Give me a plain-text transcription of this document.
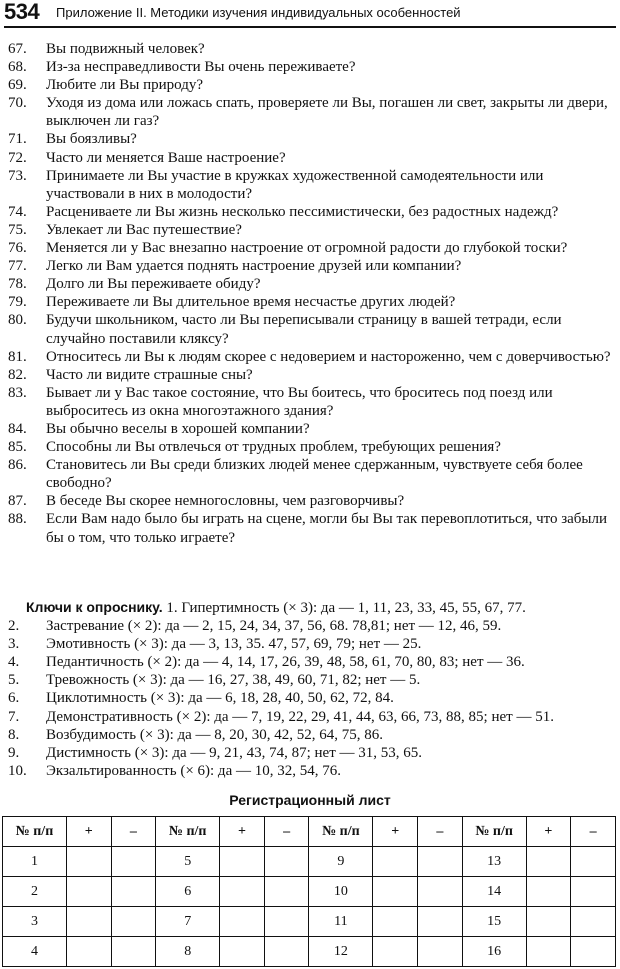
534 Приложение II. Методики изучения индивидуальных особенностей
67.	Вы подвижный человек?
68.	Из-за несправедливости Вы очень переживаете?
69.	Любите ли Вы природу?
70.	Уходя из дома или ложась спать, проверяете ли Вы, погашен ли свет, закрыты ли двери, выключен ли газ?
71.	Вы боязливы?
72.	Часто ли меняется Ваше настроение?
73.	Принимаете ли Вы участие в кружках художественной самодеятельности или участвовали в них в молодости?
74.	Расцениваете ли Вы жизнь несколько пессимистически, без радостных надежд?
75.	Увлекает ли Вас путешествие?
76.	Меняется ли у Вас внезапно настроение от огромной радости до глубокой тоски?
77.	Легко ли Вам удается поднять настроение друзей или компании?
78.	Долго ли Вы переживаете обиду?
79.	Переживаете ли Вы длительное время несчастье других людей?
80.	Будучи школьником, часто ли Вы переписывали страницу в вашей тетради, если случайно поставили кляксу?
81.	Относитесь ли Вы к людям скорее с недоверием и настороженно, чем с доверчивостью?
82.	Часто ли видите страшные сны?
83.	Бывает ли у Вас такое состояние, что Вы боитесь, что броситесь под поезд или выброситесь из окна многоэтажного здания?
84.	Вы обычно веселы в хорошей компании?
85.	Способны ли Вы отвлечься от трудных проблем, требующих решения?
86.	Становитесь ли Вы среди близких людей менее сдержанным, чувствуете себя более свободно?
87.	В беседе Вы скорее немногословны, чем разговорчивы?
88.	Если Вам надо было бы играть на сцене, могли бы Вы так перевоплотиться, что забыли бы о том, что только играете?
Ключи к опроснику. 1. Гипертимность (× 3): да — 1, 11, 23, 33, 45, 55, 67, 77.
2.	Застревание (× 2): да — 2, 15, 24, 34, 37, 56, 68. 78,81; нет — 12, 46, 59.
3.	Эмотивность (× 3): да — 3, 13, 35. 47, 57, 69, 79; нет — 25.
4.	Педантичность (× 2): да — 4, 14, 17, 26, 39, 48, 58, 61, 70, 80, 83; нет — 36.
5.	Тревожность (× 3): да — 16, 27, 38, 49, 60, 71, 82; нет — 5.
6.	Циклотимность (× 3): да — 6, 18, 28, 40, 50, 62, 72, 84.
7.	Демонстративность (× 2): да — 7, 19, 22, 29, 41, 44, 63, 66, 73, 88, 85; нет — 51.
8.	Возбудимость (× 3): да — 8, 20, 30, 42, 52, 64, 75, 86.
9.	Дистимность (× 3): да — 9, 21, 43, 74, 87; нет — 31, 53, 65.
10.	Экзальтированность (× 6): да — 10, 32, 54, 76.
Регистрационный лист
№ п/п	+	–	№ п/п	+	–	№ п/п	+	–	№ п/п	+	–
1			5			9			13		
2			6			10			14		
3			7			11			15		
4			8			12			16		
